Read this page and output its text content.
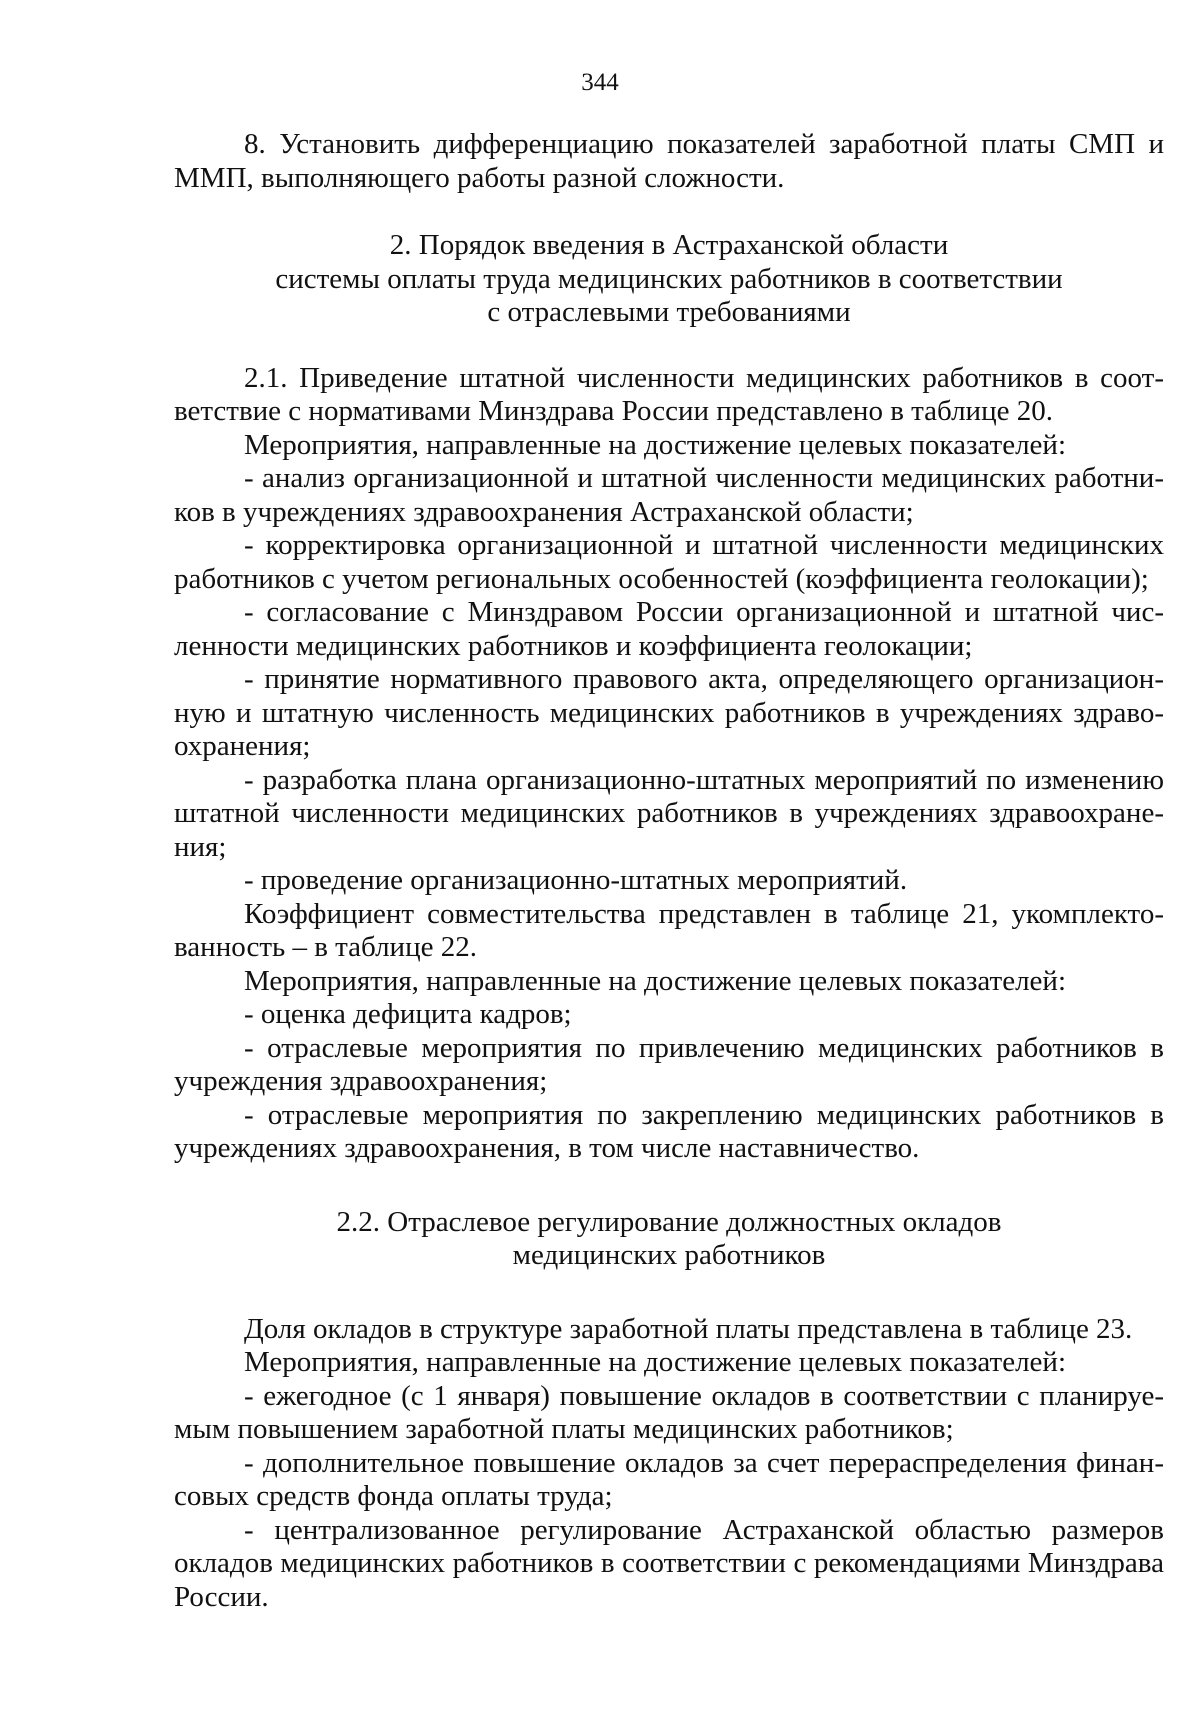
344

8. Установить дифференциацию показателей заработной платы СМП и ММП, выполняющего работы разной сложности.

2. Порядок введения в Астраханской области

системы оплаты труда медицинских работников в соответствии

с отраслевыми требованиями

2.1. Приведение штатной численности медицинских работников в соответствие с нормативами Минздрава России представлено в таблице 20.

Мероприятия, направленные на достижение целевых показателей:

- анализ организационной и штатной численности медицинских работников в учреждениях здравоохранения Астраханской области;

- корректировка организационной и штатной численности медицинских работников с учетом региональных особенностей (коэффициента геолокации);

- согласование с Минздравом России организационной и штатной численности медицинских работников и коэффициента геолокации;

- принятие нормативного правового акта, определяющего организационную и штатную численность медицинских работников в учреждениях здравоохранения;

- разработка плана организационно-штатных мероприятий по изменению штатной численности медицинских работников в учреждениях здравоохранения;

- проведение организационно-штатных мероприятий.

Коэффициент совместительства представлен в таблице 21, укомплектованность – в таблице 22.

Мероприятия, направленные на достижение целевых показателей:

- оценка дефицита кадров;

- отраслевые мероприятия по привлечению медицинских работников в учреждения здравоохранения;

- отраслевые мероприятия по закреплению медицинских работников в учреждениях здравоохранения, в том числе наставничество.

2.2. Отраслевое регулирование должностных окладов

медицинских работников

Доля окладов в структуре заработной платы представлена в таблице 23.

Мероприятия, направленные на достижение целевых показателей:

- ежегодное (с 1 января) повышение окладов в соответствии с планируемым повышением заработной платы медицинских работников;

- дополнительное повышение окладов за счет перераспределения финансовых средств фонда оплаты труда;

- централизованное регулирование Астраханской областью размеров окладов медицинских работников в соответствии с рекомендациями Минздрава России.
